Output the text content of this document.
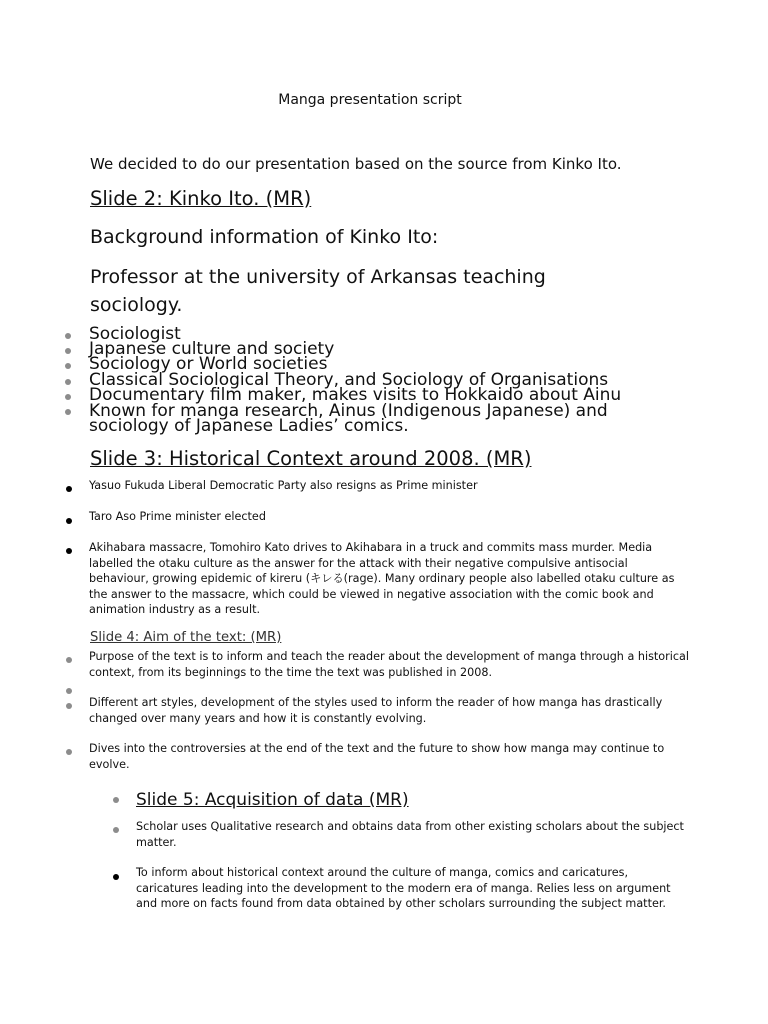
Manga presentation script
We decided to do our presentation based on the source from Kinko Ito.
Slide 2: Kinko Ito. (MR)
Background information of Kinko Ito:
Professor at the university of Arkansas teaching sociology.
Sociologist
Japanese culture and society
Sociology or World societies
Classical Sociological Theory, and Sociology of Organisations
Documentary film maker, makes visits to Hokkaido about Ainu
Known for manga research, Ainus (Indigenous Japanese) and
sociology of Japanese Ladies’ comics.
Slide 3: Historical Context around 2008. (MR)
Yasuo Fukuda Liberal Democratic Party also resigns as Prime minister
Taro Aso Prime minister elected
Akihabara massacre, Tomohiro Kato drives to Akihabara in a truck and commits mass murder. Media labelled the otaku culture as the answer for the attack with their negative compulsive antisocial behaviour, growing epidemic of kireru (キレる(rage). Many ordinary people also labelled otaku culture as the answer to the massacre, which could be viewed in negative association with the comic book and animation industry as a result.
Slide 4: Aim of the text: (MR)
Purpose of the text is to inform and teach the reader about the development of manga through a historical context, from its beginnings to the time the text was published in 2008.
Different art styles, development of the styles used to inform the reader of how manga has drastically changed over many years and how it is constantly evolving.
Dives into the controversies at the end of the text and the future to show how manga may continue to evolve.
Slide 5: Acquisition of data (MR)
Scholar uses Qualitative research and obtains data from other existing scholars about the subject matter.
To inform about historical context around the culture of manga, comics and caricatures, caricatures leading into the development to the modern era of manga. Relies less on argument and more on facts found from data obtained by other scholars surrounding the subject matter.
